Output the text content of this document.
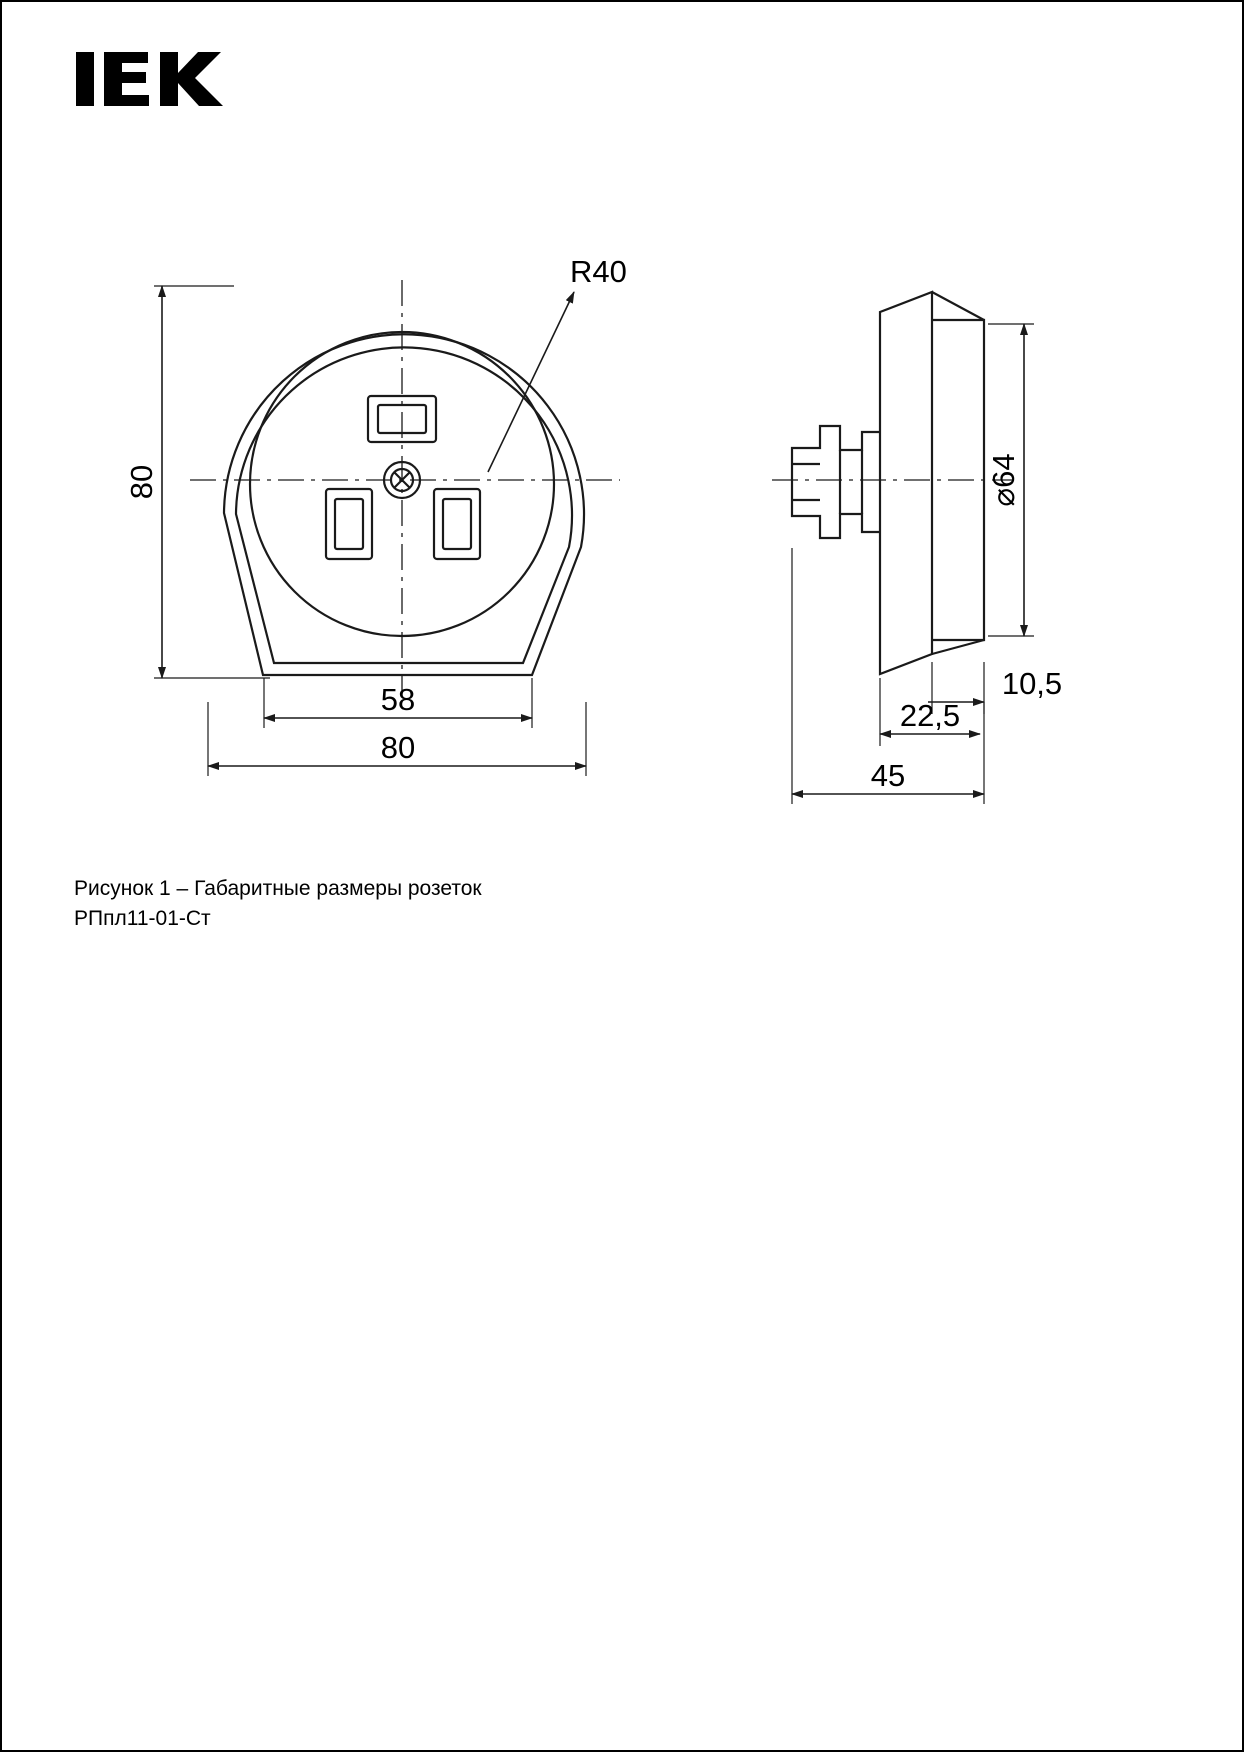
R40
80
58
80
⌀64
10,5
22,5
45
Рисунок 1 – Габаритные размеры розеток
РПпл11-01-Ст
